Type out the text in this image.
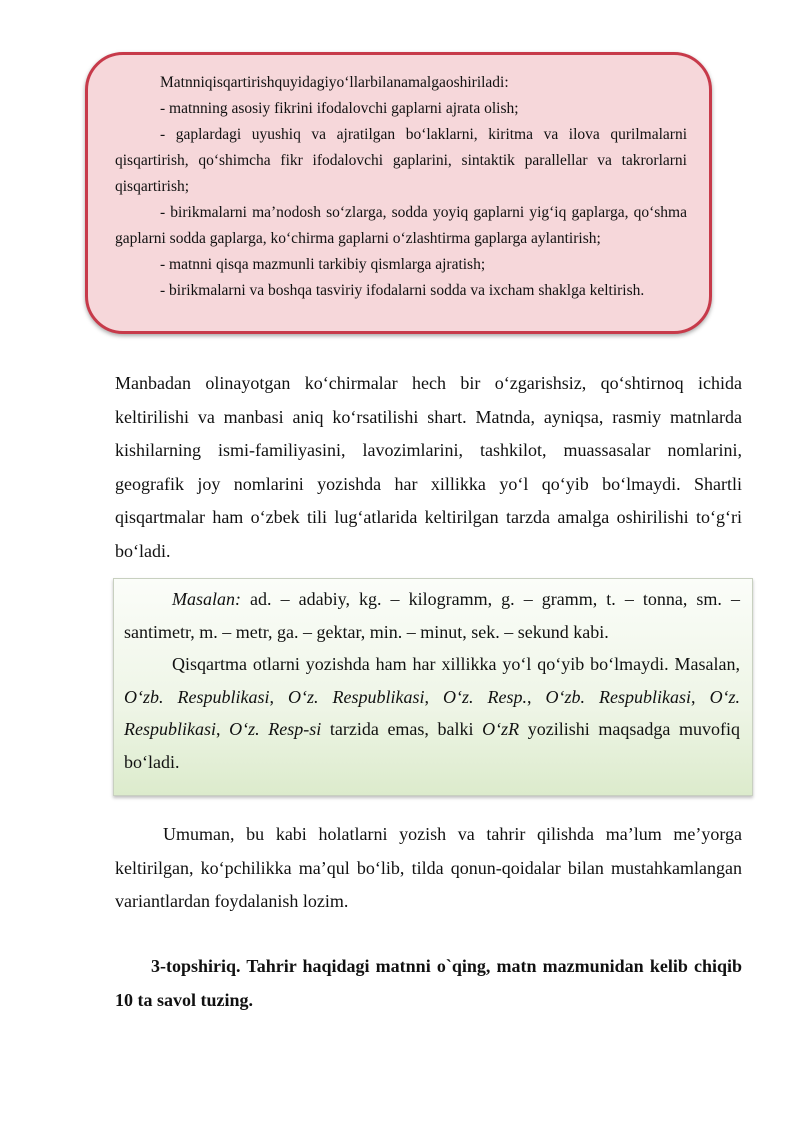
Matnniqisqartirishquyidagiyo‘llarbilanamalgaoshiriladi:

- matnning asosiy fikrini ifodalovchi gaplarni ajrata olish;

- gaplardagi uyushiq va ajratilgan bo‘laklarni, kiritma va ilova qurilmalarni qisqartirish, qo‘shimcha fikr ifodalovchi gaplarini, sintaktik parallellar va takrorlarni qisqartirish;

- birikmalarni ma’nodosh so‘zlarga, sodda yoyiq gaplarni yig‘iq gaplarga, qo‘shma gaplarni sodda gaplarga, ko‘chirma gaplarni o‘zlashtirma gaplarga aylantirish;

- matnni qisqa mazmunli tarkibiy qismlarga ajratish;

- birikmalarni va boshqa tasviriy ifodalarni sodda va ixcham shaklga keltirish.

Manbadan olinayotgan ko‘chirmalar hech bir o‘zgarishsiz, qo‘shtirnoq ichida keltirilishi va manbasi aniq ko‘rsatilishi shart. Matnda, ayniqsa, rasmiy matnlarda kishilarning ismi-familiyasini, lavozimlarini, tashkilot, muassasalar nomlarini, geografik joy nomlarini yozishda har xillikka yo‘l qo‘yib bo‘lmaydi. Shartli qisqartmalar ham o‘zbek tili lug‘atlarida keltirilgan tarzda amalga oshirilishi to‘g‘ri bo‘ladi.

Masalan: ad. – adabiy, kg. – kilogramm, g. – gramm, t. – tonna, sm. – santimetr, m. – metr, ga. – gektar, min. – minut, sek. – sekund kabi.

Qisqartma otlarni yozishda ham har xillikka yo‘l qo‘yib bo‘lmaydi. Masalan, O‘zb. Respublikasi, O‘z. Respublikasi, O‘z. Resp., O‘zb. Respublikasi, O‘z. Respublikasi, O‘z. Resp-si tarzida emas, balki O‘zR yozilishi maqsadga muvofiq bo‘ladi.

Umuman, bu kabi holatlarni yozish va tahrir qilishda ma’lum me’yorga keltirilgan, ko‘pchilikka ma’qul bo‘lib, tilda qonun-qoidalar bilan mustahkamlangan variantlardan foydalanish lozim.

3-topshiriq. Tahrir haqidagi matnni o`qing, matn mazmunidan kelib chiqib 10 ta savol tuzing.
